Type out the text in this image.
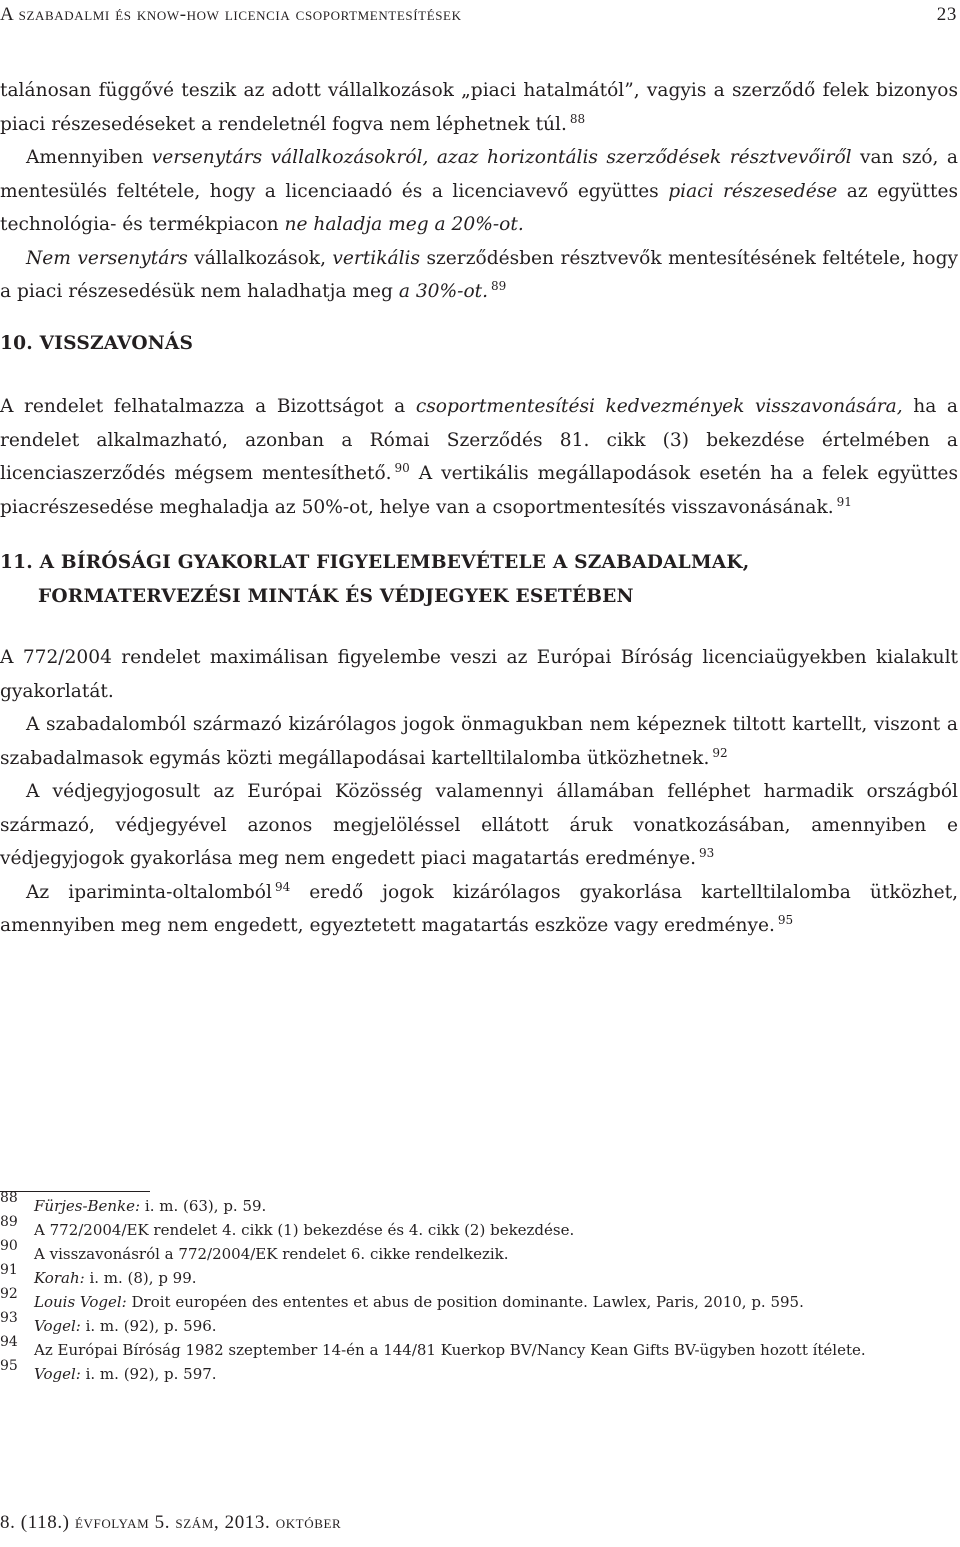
A szabadalmi és know-how licencia csoportmentesítések	23

talánosan függővé teszik az adott vállalkozások „piaci hatalmától”, vagyis a szerződő felek bizonyos piaci részesedéseket a rendeletnél fogva nem léphetnek túl. $^{88}$

Amennyiben versenytárs vállalkozásokról, azaz horizontális szerződések résztvevőiről van szó, a mentesülés feltétele, hogy a licenciaadó és a licenciavevő együttes piaci részesedése az együttes technológia- és termékpiacon ne haladja meg a 20%-ot.

Nem versenytárs vállalkozások, vertikális szerződésben résztvevők mentesítésének feltétele, hogy a piaci részesedésük nem haladhatja meg a 30%-ot. $^{89}$

10. VISSZAVONÁS

A rendelet felhatalmazza a Bizottságot a csoportmentesítési kedvezmények visszavonására, ha a rendelet alkalmazható, azonban a Római Szerződés 81. cikk (3) bekezdése értelmében a licenciaszerződés mégsem mentesíthető. $^{90}$ A vertikális megállapodások esetén ha a felek együttes piacrészesedése meghaladja az 50%-ot, helye van a csoportmentesítés visszavonásának. $^{91}$

11. A BÍRÓSÁGI GYAKORLAT FIGYELEMBEVÉTELE A SZABADALMAK,
FORMATERVEZÉSI MINTÁK ÉS VÉDJEGYEK ESETÉBEN

A 772/2004 rendelet maximálisan figyelembe veszi az Európai Bíróság licenciaügyekben kialakult gyakorlatát.

A szabadalomból származó kizárólagos jogok önmagukban nem képeznek tiltott kartellt, viszont a szabadalmasok egymás közti megállapodásai kartelltilalomba ütközhetnek. $^{92}$

A védjegyjogosult az Európai Közösség valamennyi államában felléphet harmadik országból származó, védjegyével azonos megjelöléssel ellátott áruk vonatkozásában, amennyiben e védjegyjogok gyakorlása meg nem engedett piaci magatartás eredménye. $^{93}$

Az ipariminta-oltalomból $^{94}$ eredő jogok kizárólagos gyakorlása kartelltilalomba ütközhet, amennyiben meg nem engedett, egyeztetett magatartás eszköze vagy eredménye. $^{95}$

88 Fürjes-Benke: i. m. (63), p. 59.
89 A 772/2004/EK rendelet 4. cikk (1) bekezdése és 4. cikk (2) bekezdése.
90 A visszavonásról a 772/2004/EK rendelet 6. cikke rendelkezik.
91 Korah: i. m. (8), p 99.
92 Louis Vogel: Droit européen des ententes et abus de position dominante. Lawlex, Paris, 2010, p. 595.
93 Vogel: i. m. (92), p. 596.
94 Az Európai Bíróság 1982 szeptember 14-én a 144/81 Kuerkop BV/Nancy Kean Gifts BV-ügyben hozott ítélete.
95 Vogel: i. m. (92), p. 597.
8. (118.) évfolyam 5. szám, 2013. október
